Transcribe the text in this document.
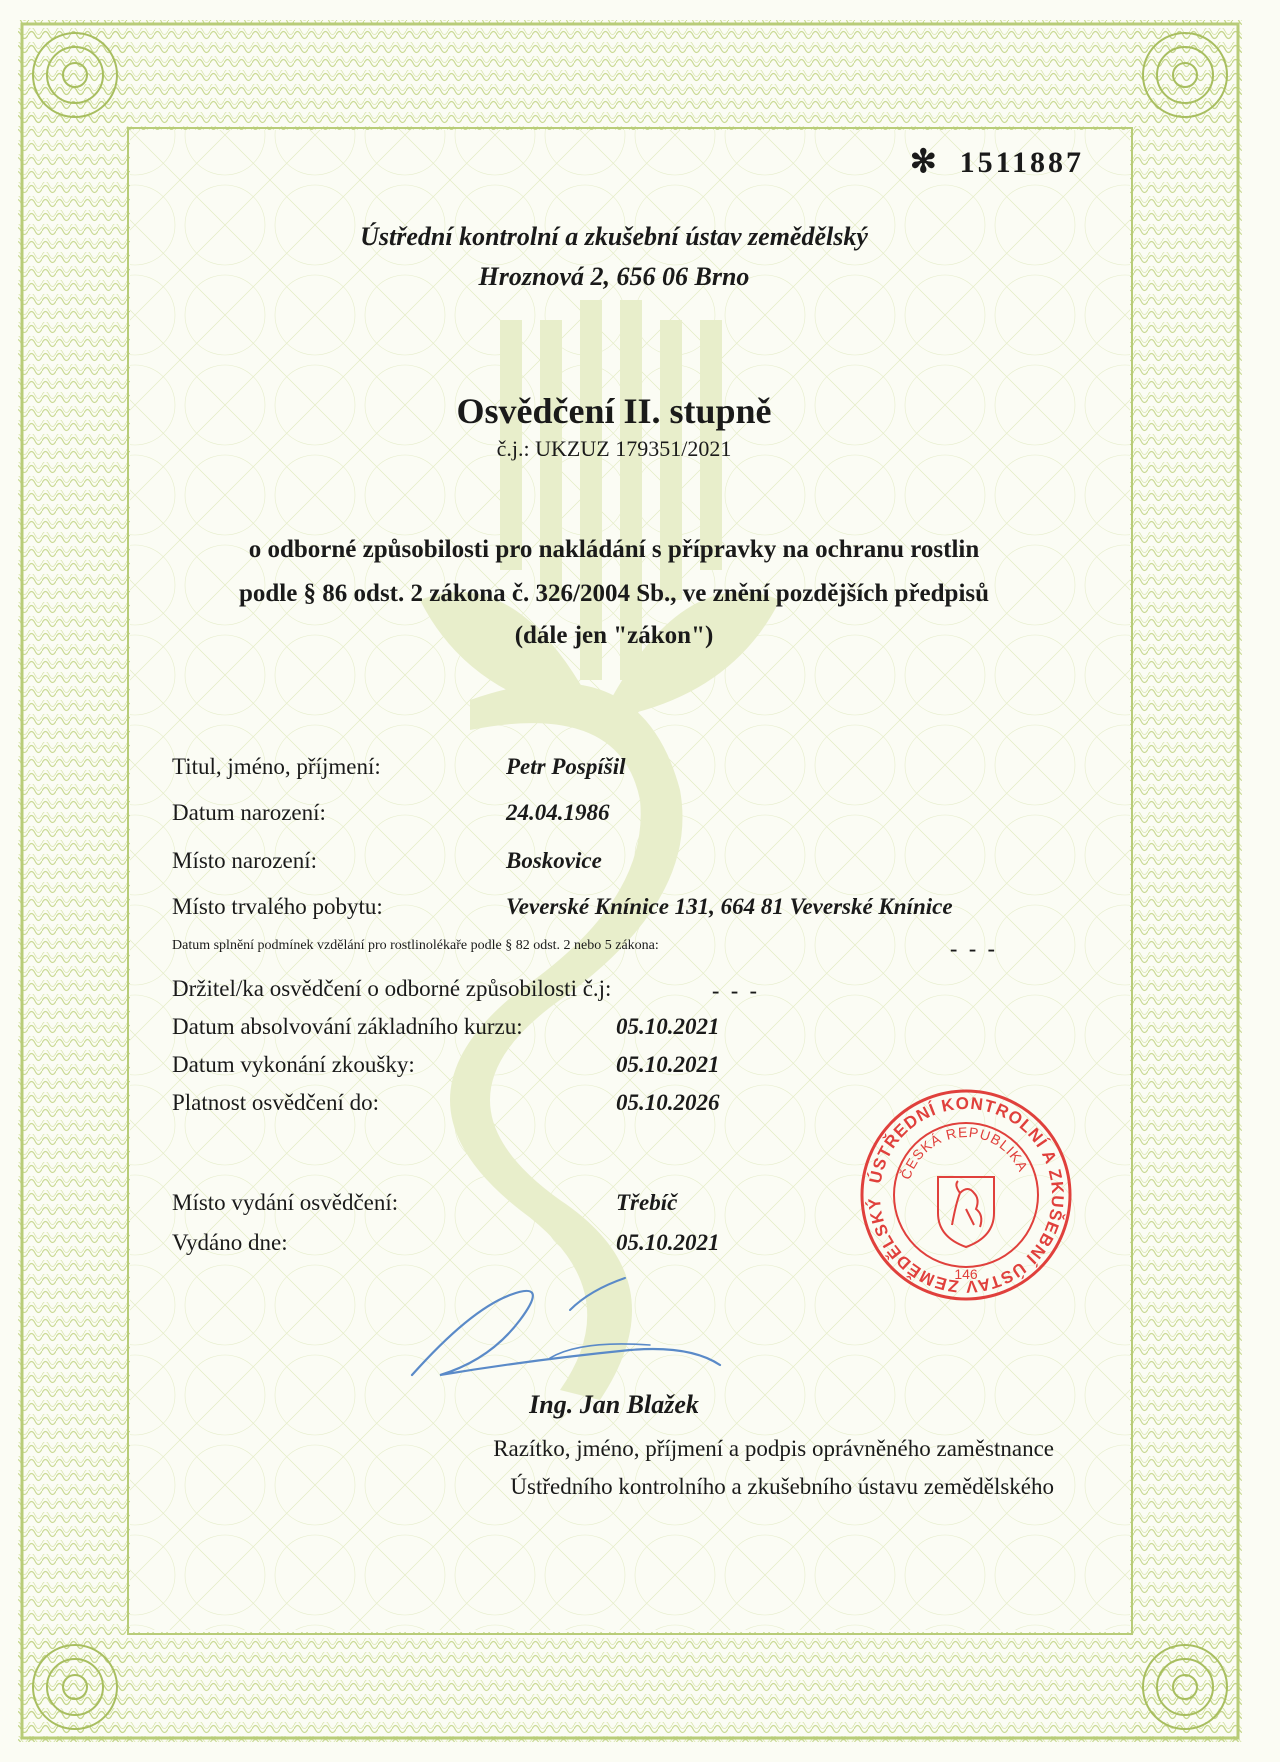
✻ 1511887

Ústřední kontrolní a zkušební ústav zemědělský

Hroznová 2, 656 06 Brno

Osvědčení II. stupně

č.j.: UKZUZ 179351/2021

o odborné způsobilosti pro nakládání s přípravky na ochranu rostlin

podle § 86 odst. 2 zákona č. 326/2004 Sb., ve znění pozdějších předpisů

(dále jen "zákon")

Titul, jméno, příjmení:	Petr Pospíšil

Datum narození:	24.04.1986

Místo narození:	Boskovice

Místo trvalého pobytu:	Veverské Knínice 131, 664 81 Veverské Knínice

Datum splnění podmínek vzdělání pro rostlinolékaře podle § 82 odst. 2 nebo 5 zákona:	- - -

Držitel/ka osvědčení o odborné způsobilosti č.j:	- - -

Datum absolvování základního kurzu:	05.10.2021

Datum vykonání zkoušky:	05.10.2021

Platnost osvědčení do:	05.10.2026

Místo vydání osvědčení:	Třebíč

Vydáno dne:	05.10.2021

ÚSTŘEDNÍ KONTROLNÍ A ZKUŠEBNÍ ÚSTAV ZEMĚDĚLSKÝ
ČESKÁ REPUBLIKA
146

Ing. Jan Blažek

Razítko, jméno, příjmení a podpis oprávněného zaměstnance

Ústředního kontrolního a zkušebního ústavu zemědělského
